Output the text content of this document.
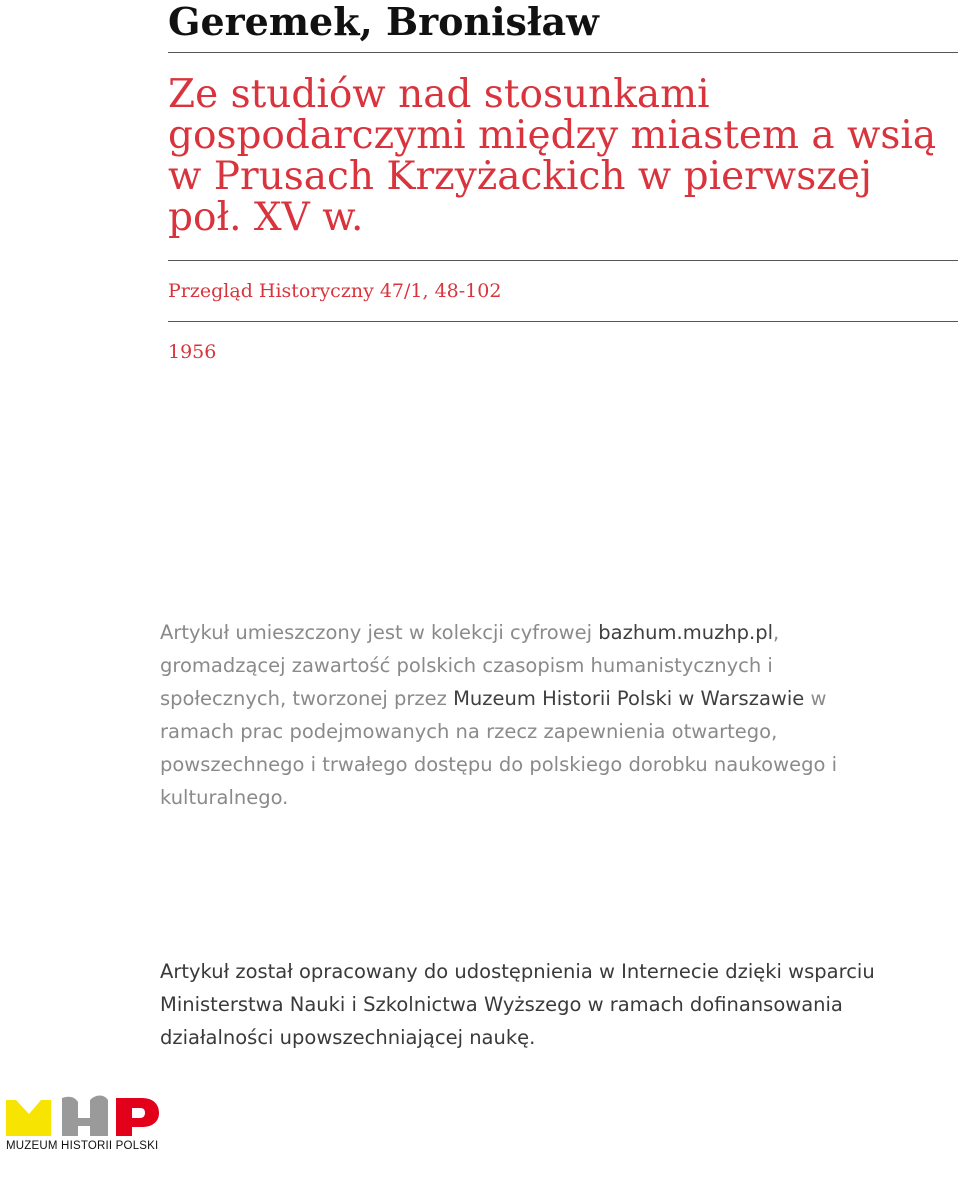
Geremek, Bronisław
Ze studiów nad stosunkami gospodarczymi między miastem a wsią w Prusach Krzyżackich w pierwszej poł. XV w.
Przegląd Historyczny 47/1, 48-102
1956

Artykuł umieszczony jest w kolekcji cyfrowej bazhum.muzhp.pl, gromadzącej zawartość polskich czasopism humanistycznych i społecznych, tworzonej przez Muzeum Historii Polski w Warszawie w ramach prac podejmowanych na rzecz zapewnienia otwartego, powszechnego i trwałego dostępu do polskiego dorobku naukowego i kulturalnego.

Artykuł został opracowany do udostępnienia w Internecie dzięki wsparciu Ministerstwa Nauki i Szkolnictwa Wyższego w ramach dofinansowania działalności upowszechniającej naukę.

MUZEUM HISTORII POLSKI
